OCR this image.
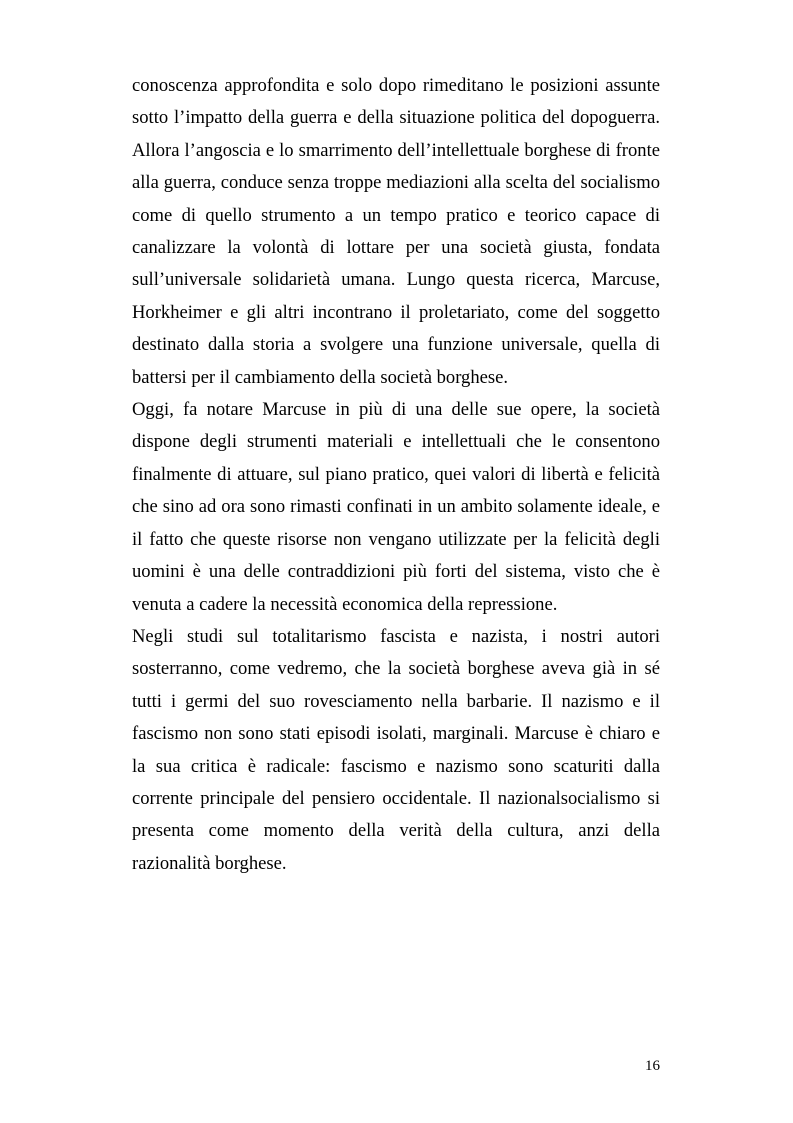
conoscenza approfondita e solo dopo rimeditano le posizioni assunte sotto l’impatto della guerra e della situazione politica del dopoguerra. Allora l’angoscia e lo smarrimento dell’intellettuale borghese di fronte alla guerra, conduce senza troppe mediazioni alla scelta del socialismo come di quello strumento a un tempo pratico e teorico capace di canalizzare la volontà di lottare per una società giusta, fondata sull’universale solidarietà umana. Lungo questa ricerca, Marcuse, Horkheimer e gli altri incontrano il proletariato, come del soggetto destinato dalla storia a svolgere una funzione universale, quella di battersi per il cambiamento della società borghese.

Oggi, fa notare Marcuse in più di una delle sue opere, la società dispone degli strumenti materiali e intellettuali che le consentono finalmente di attuare, sul piano pratico, quei valori di libertà e felicità che sino ad ora sono rimasti confinati in un ambito solamente ideale, e il fatto che queste risorse non vengano utilizzate per la felicità degli uomini è una delle contraddizioni più forti del sistema, visto che è venuta a cadere la necessità economica della repressione.

Negli studi sul totalitarismo fascista e nazista, i nostri autori sosterranno, come vedremo, che la società borghese aveva già in sé tutti i germi del suo rovesciamento nella barbarie. Il nazismo e il fascismo non sono stati episodi isolati, marginali. Marcuse è chiaro e la sua critica è radicale: fascismo e nazismo sono scaturiti dalla corrente principale del pensiero occidentale. Il nazionalsocialismo si presenta come momento della verità della cultura, anzi della razionalità borghese.

16
